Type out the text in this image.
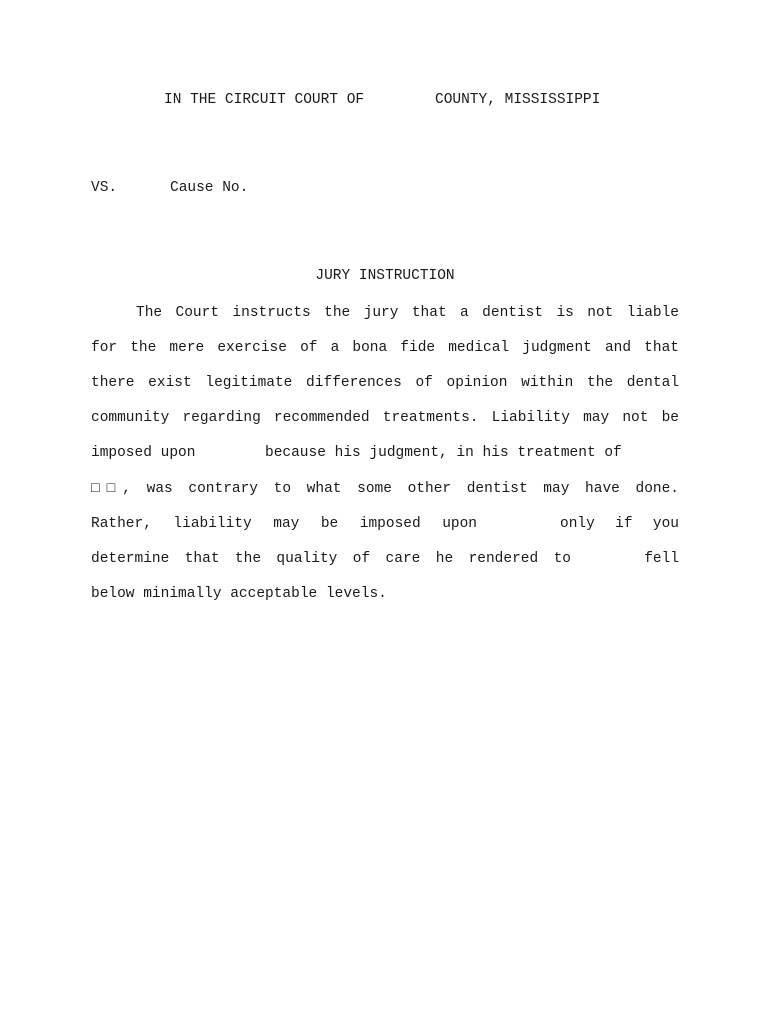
IN THE CIRCUIT COURT OF	COUNTY, MISSISSIPPI
VS.	Cause No.
JURY INSTRUCTION
The Court instructs the jury that a dentist is not liable
for the mere exercise of a bona fide medical judgment and that
there exist legitimate differences of opinion within the dental
community regarding recommended treatments. Liability may not be
imposed upon	because his judgment, in his treatment of
□□, was contrary to what some other dentist may have done.
Rather, liability may be imposed upon	only if you
determine that the quality of care he rendered to	fell
below minimally acceptable levels.
